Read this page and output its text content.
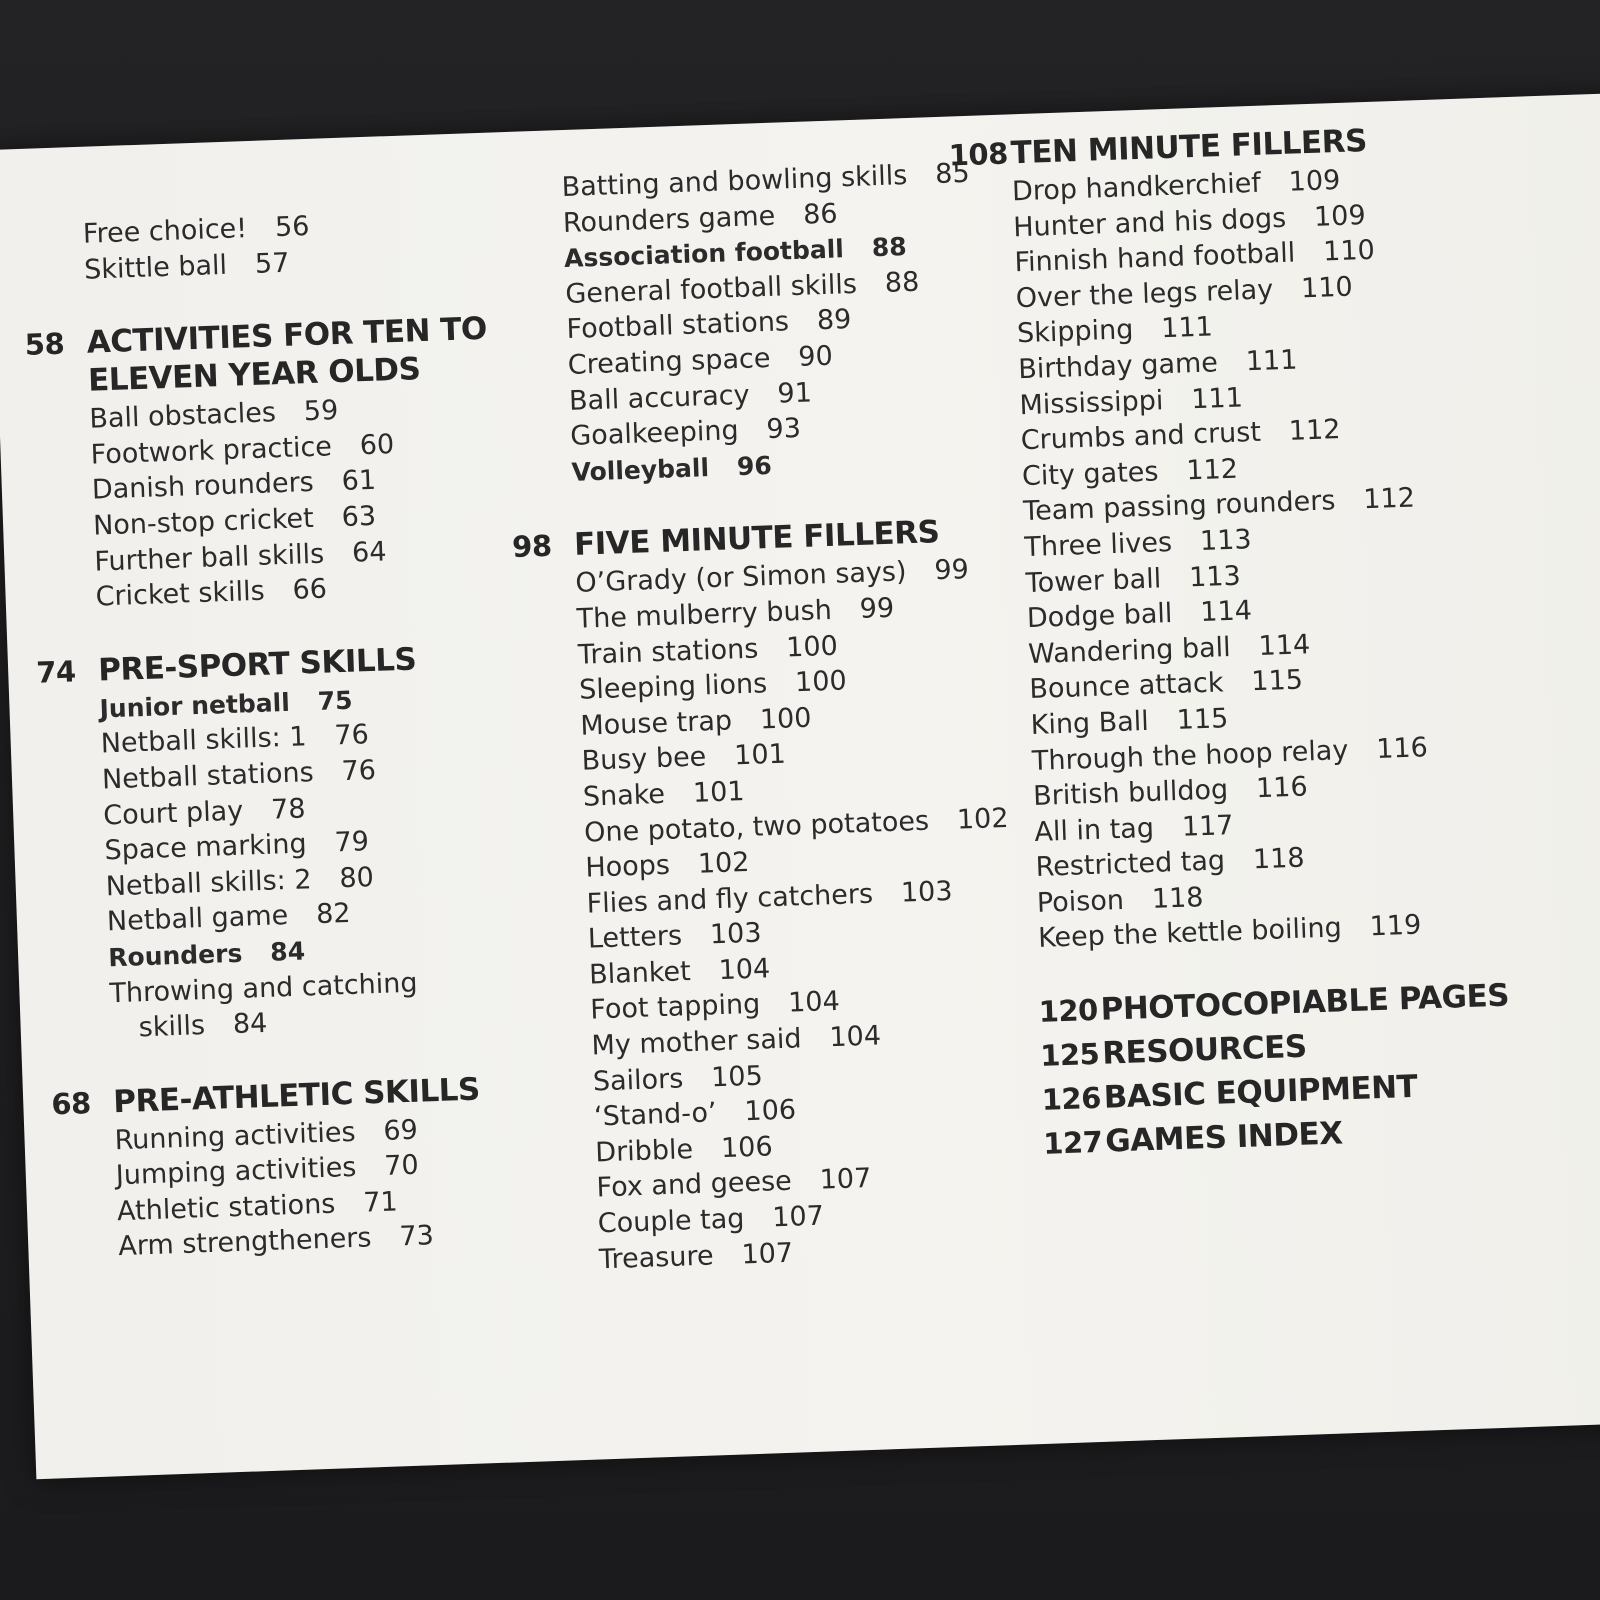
Free choice! 56
Skittle ball 57
58 ACTIVITIES FOR TEN TO ELEVEN YEAR OLDS
Ball obstacles 59
Footwork practice 60
Danish rounders 61
Non-stop cricket 63
Further ball skills 64
Cricket skills 66
74 PRE-SPORT SKILLS
Junior netball 75
Netball skills: 1 76
Netball stations 76
Court play 78
Space marking 79
Netball skills: 2 80
Netball game 82
Rounders 84
Throwing and catching
skills 84
68 PRE-ATHLETIC SKILLS
Running activities 69
Jumping activities 70
Athletic stations 71
Arm strengtheners 73
Batting and bowling skills 85
Rounders game 86
Association football 88
General football skills 88
Football stations 89
Creating space 90
Ball accuracy 91
Goalkeeping 93
Volleyball 96
98 FIVE MINUTE FILLERS
O’Grady (or Simon says) 99
The mulberry bush 99
Train stations 100
Sleeping lions 100
Mouse trap 100
Busy bee 101
Snake 101
One potato, two potatoes 102
Hoops 102
Flies and fly catchers 103
Letters 103
Blanket 104
Foot tapping 104
My mother said 104
Sailors 105
‘Stand-o’ 106
Dribble 106
Fox and geese 107
Couple tag 107
Treasure 107
108 TEN MINUTE FILLERS
Drop handkerchief 109
Hunter and his dogs 109
Finnish hand football 110
Over the legs relay 110
Skipping 111
Birthday game 111
Mississippi 111
Crumbs and crust 112
City gates 112
Team passing rounders 112
Three lives 113
Tower ball 113
Dodge ball 114
Wandering ball 114
Bounce attack 115
King Ball 115
Through the hoop relay 116
British bulldog 116
All in tag 117
Restricted tag 118
Poison 118
Keep the kettle boiling 119
120 PHOTOCOPIABLE PAGES
125 RESOURCES
126 BASIC EQUIPMENT
127 GAMES INDEX
